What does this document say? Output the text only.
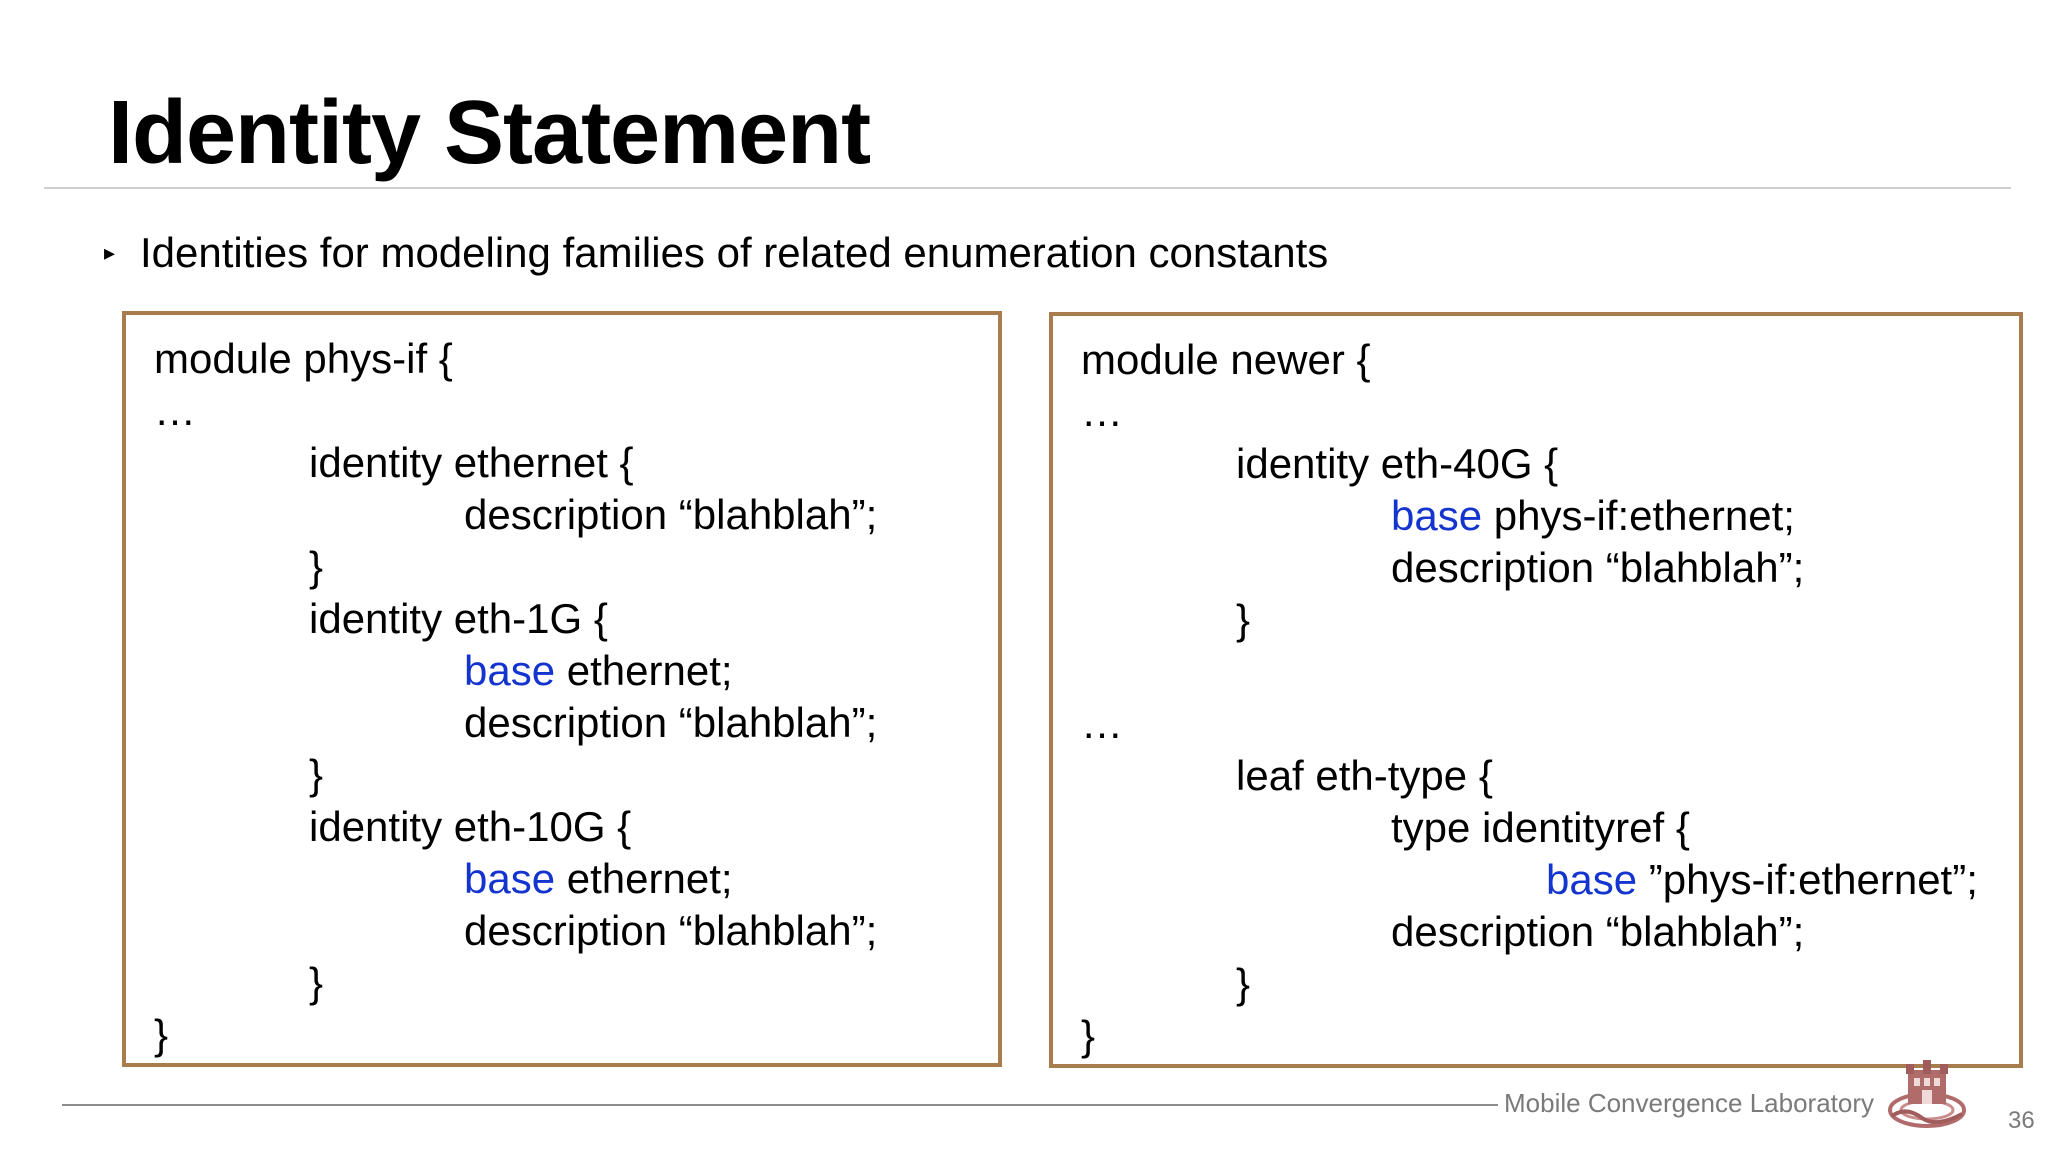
Identity Statement
▸ Identities for modeling families of related enumeration constants
module phys-if {
…
identity ethernet {
description “blahblah”;
}
identity eth-1G {
base ethernet;
description “blahblah”;
}
identity eth-10G {
base ethernet;
description “blahblah”;
}
}
module newer {
…
identity eth-40G {
base phys-if:ethernet;
description “blahblah”;
}
…
leaf eth-type {
type identityref {
base ”phys-if:ethernet”;
description “blahblah”;
}
}
Mobile Convergence Laboratory
36
